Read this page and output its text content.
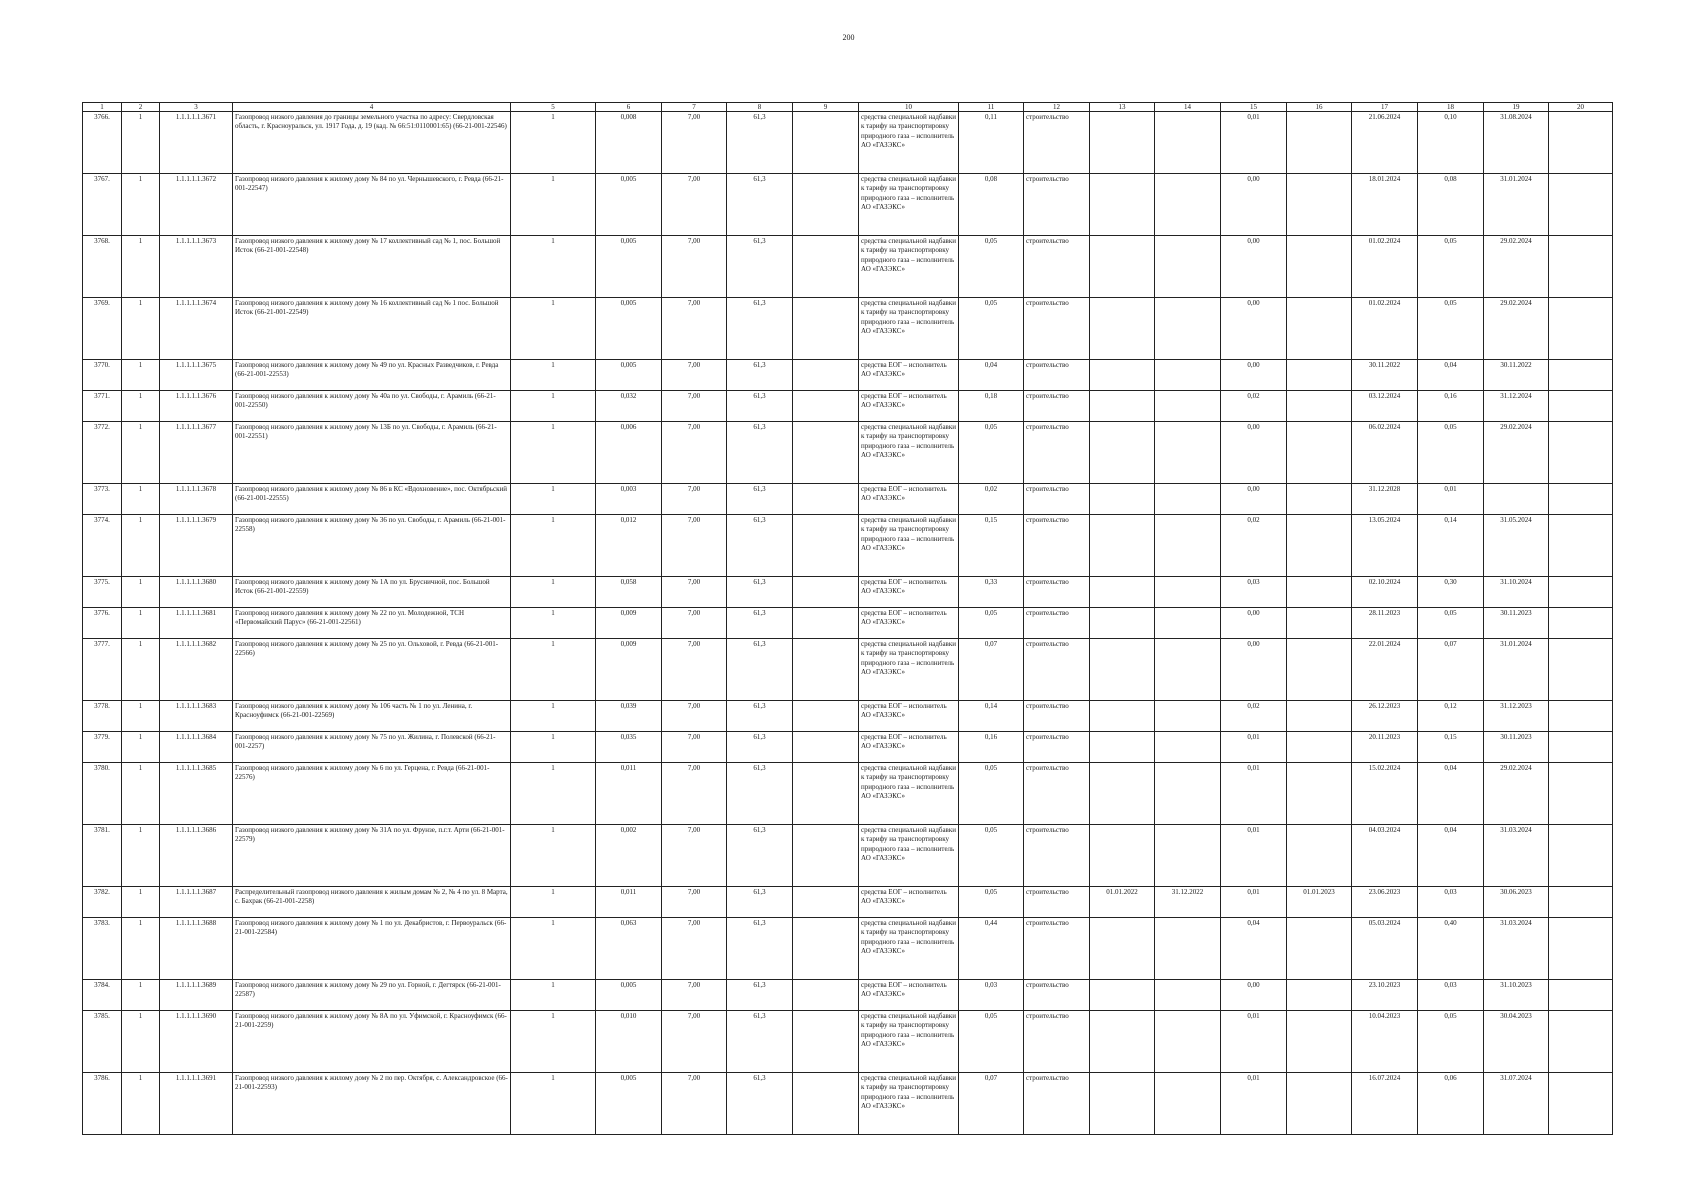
200
1	2	3	4	5	6	7	8	9	10	11	12	13	14	15	16	17	18	19	20
3766.	1	1.1.1.1.1.3671	Газопровод низкого давления до границы земельного участка по адресу: Свердловская область, г. Красноуральск, ул. 1917 Года, д. 19 (кад. № 66:51:0110001:65) (66-21-001-22546)	1	0,008	7,00	61,3		средства специальной надбавки к тарифу на транспортировку природного газа – исполнитель АО «ГАЗЭКС»	0,11	строительство			0,01		21.06.2024	0,10	31.08.2024	
3767.	1	1.1.1.1.1.3672	Газопровод низкого давления к жилому дому № 84 по ул. Чернышевского, г. Ревда (66-21-001-22547)	1	0,005	7,00	61,3		средства специальной надбавки к тарифу на транспортировку природного газа – исполнитель АО «ГАЗЭКС»	0,08	строительство			0,00		18.01.2024	0,08	31.01.2024	
3768.	1	1.1.1.1.1.3673	Газопровод низкого давления к жилому дому № 17 коллективный сад № 1, пос. Большой Исток (66-21-001-22548)	1	0,005	7,00	61,3		средства специальной надбавки к тарифу на транспортировку природного газа – исполнитель АО «ГАЗЭКС»	0,05	строительство			0,00		01.02.2024	0,05	29.02.2024	
3769.	1	1.1.1.1.1.3674	Газопровод низкого давления к жилому дому № 16 коллективный сад № 1 пос. Большой Исток (66-21-001-22549)	1	0,005	7,00	61,3		средства специальной надбавки к тарифу на транспортировку природного газа – исполнитель АО «ГАЗЭКС»	0,05	строительство			0,00		01.02.2024	0,05	29.02.2024	
3770.	1	1.1.1.1.1.3675	Газопровод низкого давления к жилому дому № 49 по ул. Красных Разведчиков, г. Ревда (66-21-001-22553)	1	0,005	7,00	61,3		средства ЕОГ – исполнитель АО «ГАЗЭКС»	0,04	строительство			0,00		30.11.2022	0,04	30.11.2022	
3771.	1	1.1.1.1.1.3676	Газопровод низкого давления к жилому дому № 40а по ул. Свободы, г. Арамиль (66-21-001-22550)	1	0,032	7,00	61,3		средства ЕОГ – исполнитель АО «ГАЗЭКС»	0,18	строительство			0,02		03.12.2024	0,16	31.12.2024	
3772.	1	1.1.1.1.1.3677	Газопровод низкого давления к жилому дому № 13Б по ул. Свободы, г. Арамиль (66-21-001-22551)	1	0,006	7,00	61,3		средства специальной надбавки к тарифу на транспортировку природного газа – исполнитель АО «ГАЗЭКС»	0,05	строительство			0,00		06.02.2024	0,05	29.02.2024	
3773.	1	1.1.1.1.1.3678	Газопровод низкого давления к жилому дому № 86 в КС «Вдохновение», пос. Октябрьский (66-21-001-22555)	1	0,003	7,00	61,3		средства ЕОГ – исполнитель АО «ГАЗЭКС»	0,02	строительство			0,00		31.12.2028	0,01		
3774.	1	1.1.1.1.1.3679	Газопровод низкого давления к жилому дому № 36 по ул. Свободы, г. Арамиль (66-21-001-22558)	1	0,012	7,00	61,3		средства специальной надбавки к тарифу на транспортировку природного газа – исполнитель АО «ГАЗЭКС»	0,15	строительство			0,02		13.05.2024	0,14	31.05.2024	
3775.	1	1.1.1.1.1.3680	Газопровод низкого давления к жилому дому № 1А по ул. Брусничной, пос. Большой Исток (66-21-001-22559)	1	0,058	7,00	61,3		средства ЕОГ – исполнитель АО «ГАЗЭКС»	0,33	строительство			0,03		02.10.2024	0,30	31.10.2024	
3776.	1	1.1.1.1.1.3681	Газопровод низкого давления к жилому дому № 22 по ул. Молодежной, ТСН «Первомайский Парус» (66-21-001-22561)	1	0,009	7,00	61,3		средства ЕОГ – исполнитель АО «ГАЗЭКС»	0,05	строительство			0,00		28.11.2023	0,05	30.11.2023	
3777.	1	1.1.1.1.1.3682	Газопровод низкого давления к жилому дому № 25 по ул. Ольховой, г. Ревда (66-21-001-22566)	1	0,009	7,00	61,3		средства специальной надбавки к тарифу на транспортировку природного газа – исполнитель АО «ГАЗЭКС»	0,07	строительство			0,00		22.01.2024	0,07	31.01.2024	
3778.	1	1.1.1.1.1.3683	Газопровод низкого давления к жилому дому № 106 часть № 1 по ул. Ленина, г. Красноуфимск (66-21-001-22569)	1	0,039	7,00	61,3		средства ЕОГ – исполнитель АО «ГАЗЭКС»	0,14	строительство			0,02		26.12.2023	0,12	31.12.2023	
3779.	1	1.1.1.1.1.3684	Газопровод низкого давления к жилому дому № 75 по ул. Жилина, г. Полевской (66-21-001-2257)	1	0,035	7,00	61,3		средства ЕОГ – исполнитель АО «ГАЗЭКС»	0,16	строительство			0,01		20.11.2023	0,15	30.11.2023	
3780.	1	1.1.1.1.1.3685	Газопровод низкого давления к жилому дому № 6 по ул. Герцена, г. Ревда (66-21-001-22576)	1	0,011	7,00	61,3		средства специальной надбавки к тарифу на транспортировку природного газа – исполнитель АО «ГАЗЭКС»	0,05	строительство			0,01		15.02.2024	0,04	29.02.2024	
3781.	1	1.1.1.1.1.3686	Газопровод низкого давления к жилому дому № 31А по ул. Фрунзе, п.г.т. Арти (66-21-001-22579)	1	0,002	7,00	61,3		средства специальной надбавки к тарифу на транспортировку природного газа – исполнитель АО «ГАЗЭКС»	0,05	строительство			0,01		04.03.2024	0,04	31.03.2024	
3782.	1	1.1.1.1.1.3687	Распределительный газопровод низкого давления к жилым домам № 2, № 4 по ул. 8 Марта, с. Бахрак (66-21-001-2258)	1	0,011	7,00	61,3		средства ЕОГ – исполнитель АО «ГАЗЭКС»	0,05	строительство	01.01.2022	31.12.2022	0,01	01.01.2023	23.06.2023	0,03	30.06.2023	
3783.	1	1.1.1.1.1.3688	Газопровод низкого давления к жилому дому № 1 по ул. Декабристов, г. Первоуральск (66-21-001-22584)	1	0,063	7,00	61,3		средства специальной надбавки к тарифу на транспортировку природного газа – исполнитель АО «ГАЗЭКС»	0,44	строительство			0,04		05.03.2024	0,40	31.03.2024	
3784.	1	1.1.1.1.1.3689	Газопровод низкого давления к жилому дому № 29 по ул. Горной, г. Дегтярск (66-21-001-22587)	1	0,005	7,00	61,3		средства ЕОГ – исполнитель АО «ГАЗЭКС»	0,03	строительство			0,00		23.10.2023	0,03	31.10.2023	
3785.	1	1.1.1.1.1.3690	Газопровод низкого давления к жилому дому № 8А по ул. Уфимской, г. Красноуфимск (66-21-001-2259)	1	0,010	7,00	61,3		средства специальной надбавки к тарифу на транспортировку природного газа – исполнитель АО «ГАЗЭКС»	0,05	строительство			0,01		10.04.2023	0,05	30.04.2023	
3786.	1	1.1.1.1.1.3691	Газопровод низкого давления к жилому дому № 2 по пер. Октября, с. Александровское (66-21-001-22593)	1	0,005	7,00	61,3		средства специальной надбавки к тарифу на транспортировку природного газа – исполнитель АО «ГАЗЭКС»	0,07	строительство			0,01		16.07.2024	0,06	31.07.2024	
